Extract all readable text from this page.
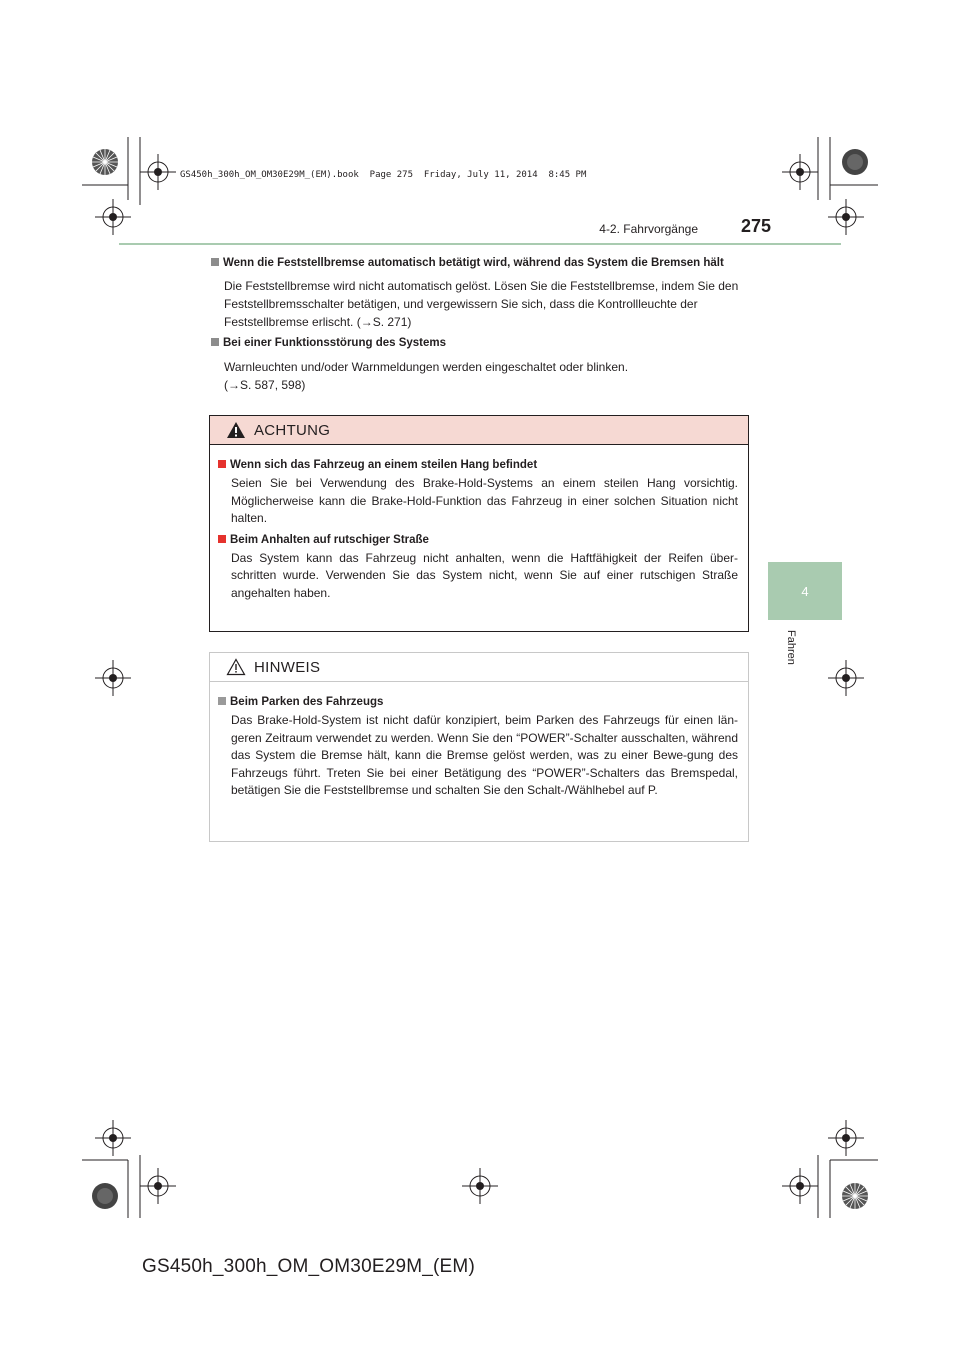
GS450h_300h_OM_OM30E29M_(EM).book  Page 275  Friday, July 11, 2014  8:45 PM
4-2. Fahrvorgänge 275
4
Fahren
Wenn die Feststellbremse automatisch betätigt wird, während das System die Bremsen hält
Die Feststellbremse wird nicht automatisch gelöst. Lösen Sie die Feststellbremse, indem Sie den Feststellbremsschalter betätigen, und vergewissern Sie sich, dass die Kontrollleuchte der Feststellbremse erlischt. (→S. 271)
Bei einer Funktionsstörung des Systems
Warnleuchten und/oder Warnmeldungen werden eingeschaltet oder blinken.
(→S. 587, 598)
ACHTUNG
Wenn sich das Fahrzeug an einem steilen Hang befindet
Seien Sie bei Verwendung des Brake-Hold-Systems an einem steilen Hang vorsichtig. Möglicherweise kann die Brake-Hold-Funktion das Fahrzeug in einer solchen Situation nicht halten.
Beim Anhalten auf rutschiger Straße
Das System kann das Fahrzeug nicht anhalten, wenn die Haftfähigkeit der Reifen über-schritten wurde. Verwenden Sie das System nicht, wenn Sie auf einer rutschigen Straße angehalten haben.
HINWEIS
Beim Parken des Fahrzeugs
Das Brake-Hold-System ist nicht dafür konzipiert, beim Parken des Fahrzeugs für einen län-geren Zeitraum verwendet zu werden. Wenn Sie den “POWER”-Schalter ausschalten, während das System die Bremse hält, kann die Bremse gelöst werden, was zu einer Bewe-gung des Fahrzeugs führt. Treten Sie bei einer Betätigung des “POWER”-Schalters das Bremspedal, betätigen Sie die Feststellbremse und schalten Sie den Schalt-/Wählhebel auf P.
GS450h_300h_OM_OM30E29M_(EM)
